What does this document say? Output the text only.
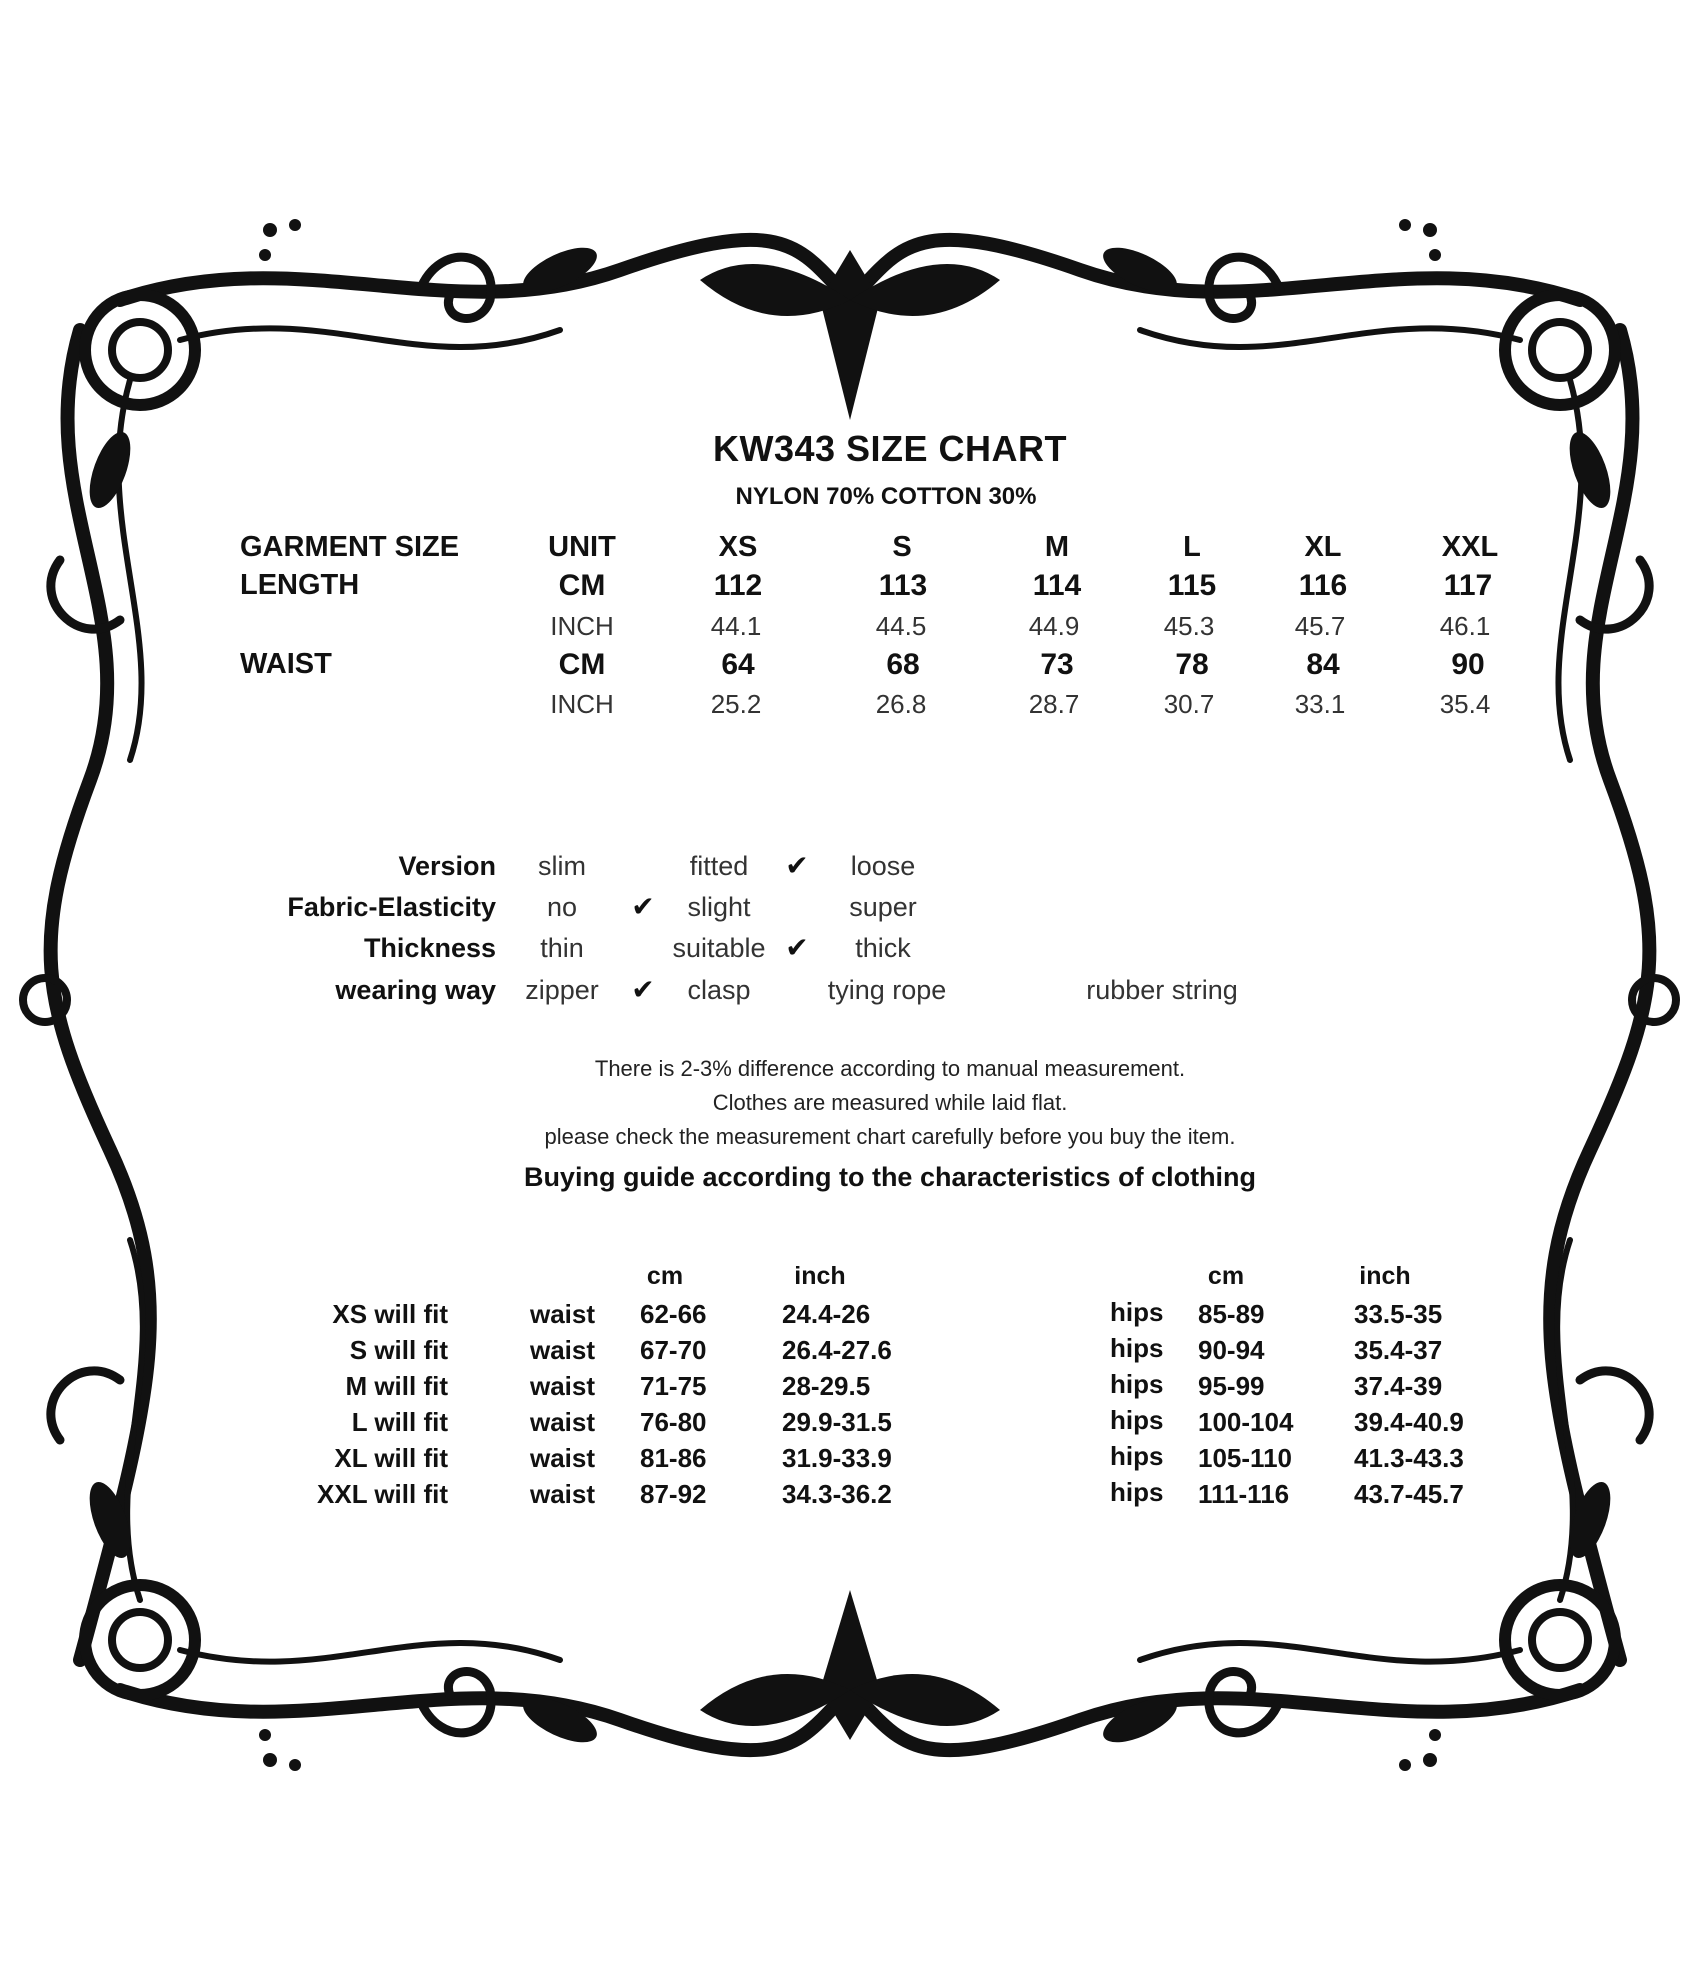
KW343 SIZE CHART
NYLON 70% COTTON 30%
GARMENT SIZE	UNIT	XS	S	M	L	XL	XXL
LENGTH	CM	112	113	114	115	116	117
INCH	44.1	44.5	44.9	45.3	45.7	46.1
WAIST	CM	64	68	73	78	84	90
INCH	25.2	26.8	28.7	30.7	33.1	35.4
Version slim	fitted ✔ loose
Fabric-Elasticity no ✔ slight	super
Thickness thin	suitable ✔ thick
wearing way zipper ✔ clasp	tying rope	rubber string
There is 2-3% difference according to manual measurement.
Clothes are measured while laid flat.
please check the measurement chart carefully before you buy the item.
Buying guide according to the characteristics of clothing
cm	inch	cm	inch
XS will fit	waist 62-66	24.4-26	hips 85-89	33.5-35
S will fit	waist 67-70	26.4-27.6	hips 90-94	35.4-37
M will fit	waist 71-75	28-29.5	hips 95-99	37.4-39
L will fit	waist 76-80	29.9-31.5	hips 100-104 39.4-40.9
XL will fit	waist 81-86	31.9-33.9	hips 105-110 41.3-43.3
XXL will fit	waist 87-92	34.3-36.2	hips 111-116 43.7-45.7
